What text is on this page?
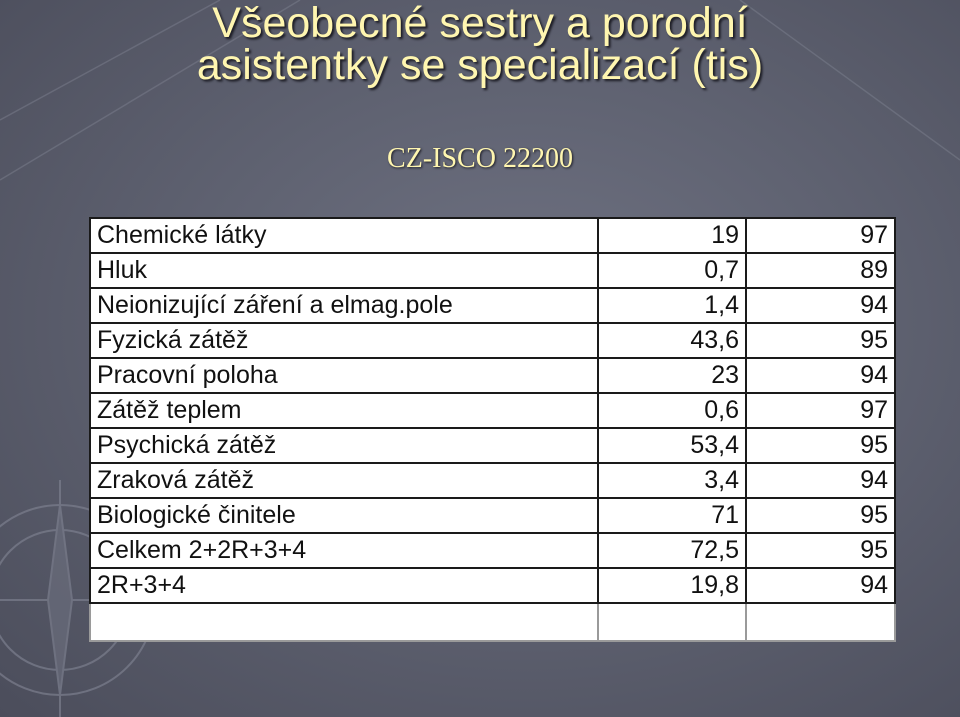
Všeobecné sestry a porodní
asistentky se specializací (tis)
CZ-ISCO 22200
Chemické látky	19	97
Hluk	0,7	89
Neionizující záření a elmag.pole	1,4	94
Fyzická zátěž	43,6	95
Pracovní poloha	23	94
Zátěž teplem	0,6	97
Psychická zátěž	53,4	95
Zraková zátěž	3,4	94
Biologické činitele	71	95
Celkem 2+2R+3+4	72,5	95
2R+3+4	19,8	94
